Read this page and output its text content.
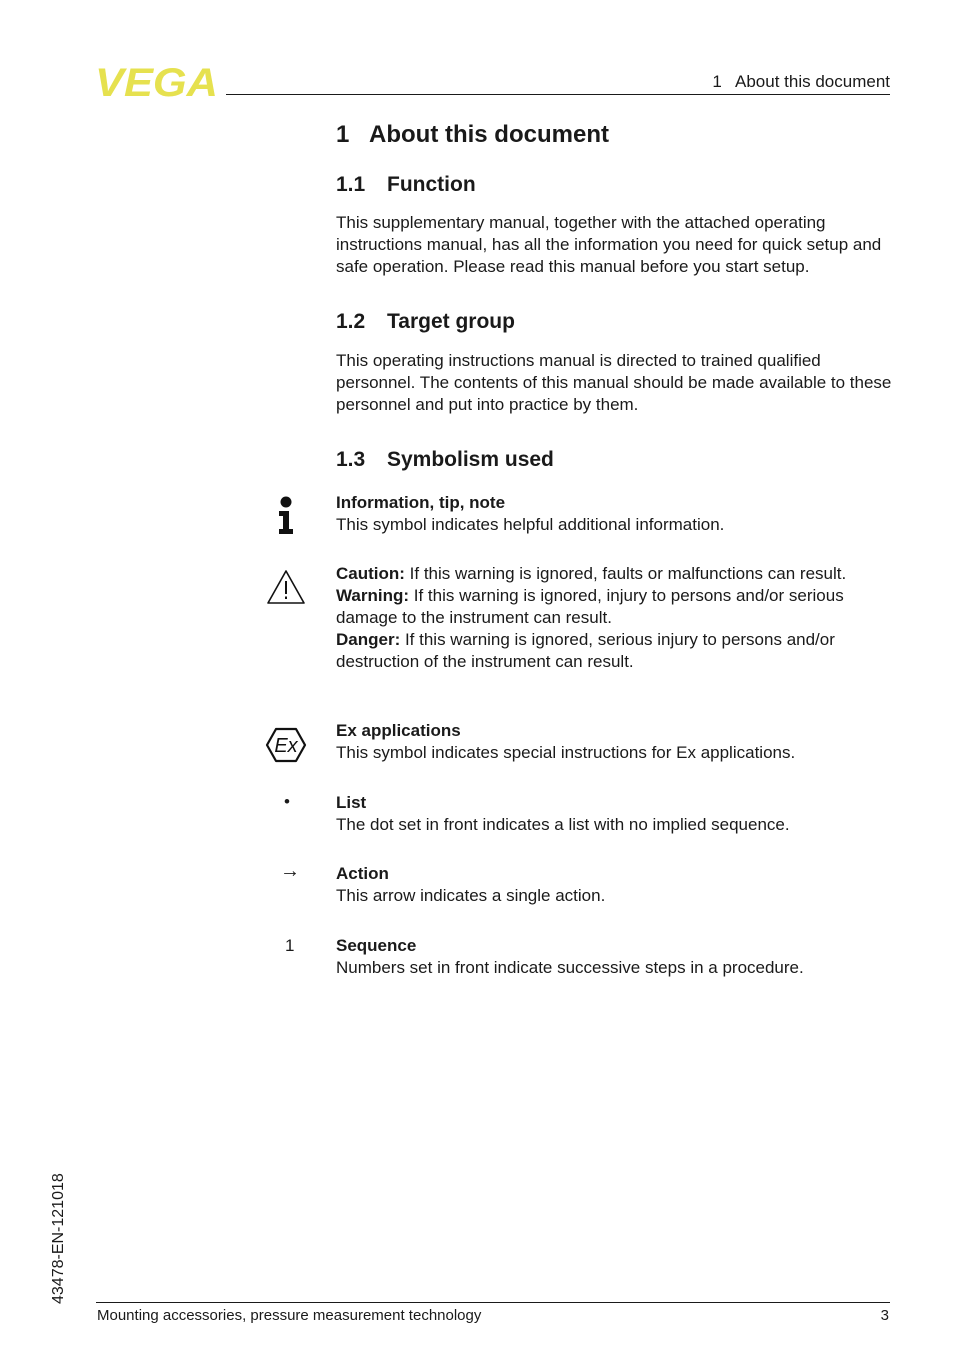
VEGA	1   About this document
1 About this document
1.1 Function

This supplementary manual, together with the attached operating instructions manual, has all the information you need for quick setup and safe operation. Please read this manual before you start setup.

1.2 Target group

This operating instructions manual is directed to trained qualified personnel. The contents of this manual should be made available to these personnel and put into practice by them.

1.3 Symbolism used
Information, tip, note
This symbol indicates helpful additional information.
Caution: If this warning is ignored, faults or malfunctions can result.
Warning: If this warning is ignored, injury to persons and/or serious damage to the instrument can result.
Danger: If this warning is ignored, serious injury to persons and/or destruction of the instrument can result.
Ex
Ex applications
This symbol indicates special instructions for Ex applications.
•	List
The dot set in front indicates a list with no implied sequence.
→ Action
This arrow indicates a single action.
1 Sequence
Numbers set in front indicate successive steps in a procedure.
43478-EN-121018
Mounting accessories, pressure measurement technology	3
